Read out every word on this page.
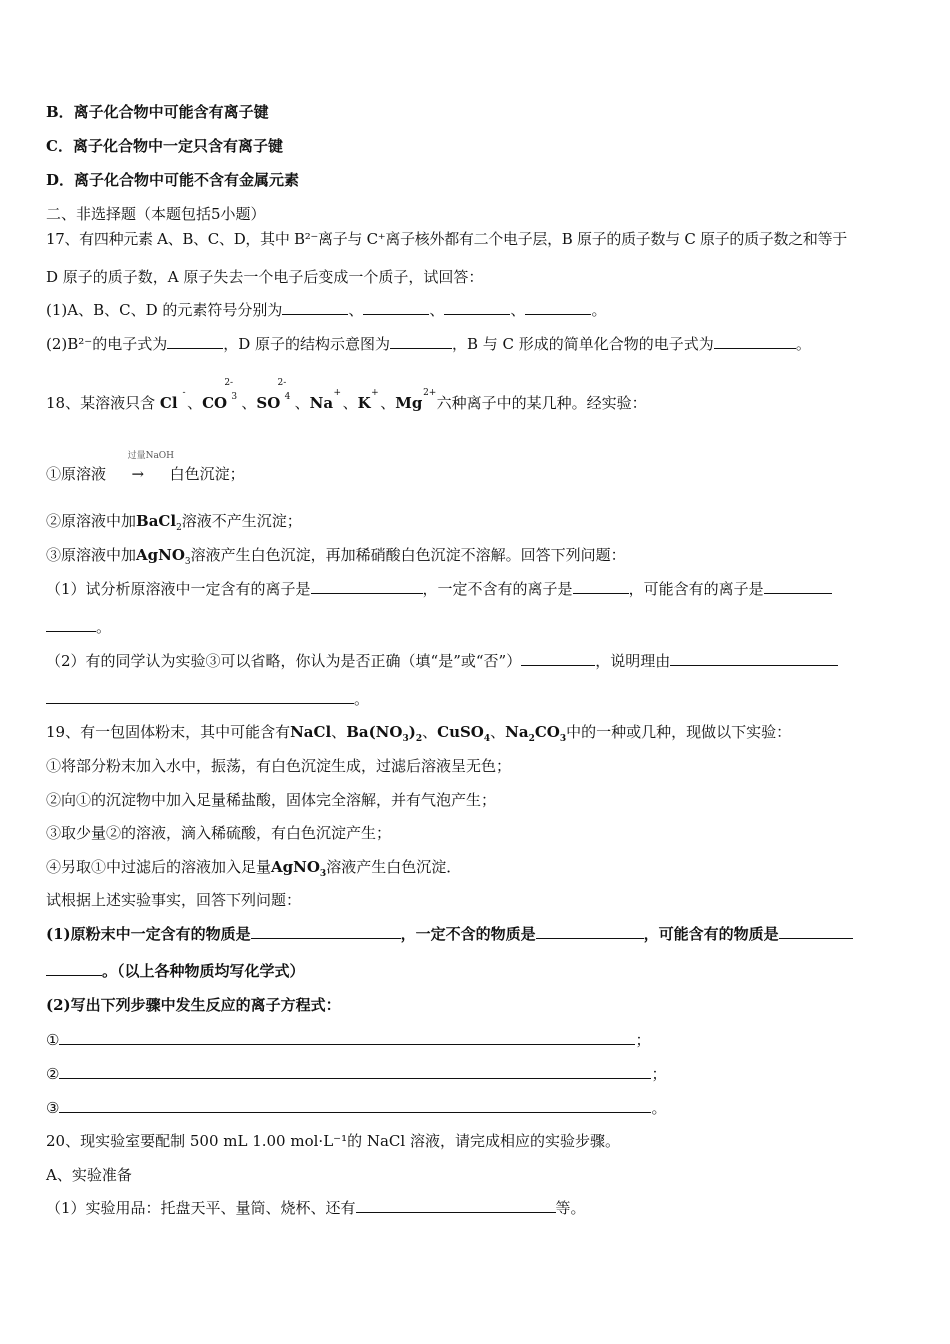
B．离子化合物中可能含有离子键
C．离子化合物中一定只含有离子键
D．离子化合物中可能不含有金属元素
二、非选择题（本题包括5小题）
17、有四种元素 A、B、C、D，其中 B²⁻离子与 C⁺离子核外都有二个电子层，B 原子的质子数与 C 原子的质子数之和等于
D 原子的质子数，A 原子失去一个电子后变成一个质子，试回答：
(1)A、B、C、D 的元素符号分别为	、	、	、	。
(2)B²⁻的电子式为	，D 原子的结构示意图为	，B 与 C 形成的简单化合物的电子式为	。
18、某溶液只含 Cl
-
、CO
2-
3 、SO
2-
4 、Na
+
、K
+
、Mg
2+
六种离子中的某几种。经实验：
①原溶液
过量NaOH
→ 白色沉淀；
②原溶液中加BaCl$_2$溶液不产生沉淀；
③原溶液中加AgNO$_3$溶液产生白色沉淀，再加稀硝酸白色沉淀不溶解。回答下列问题：
（1）试分析原溶液中一定含有的离子是	，一定不含有的离子是	，可能含有的离子是
。
（2）有的同学认为实验③可以省略，你认为是否正确（填“是”或“否”）	，说明理由
。
19、有一包固体粉末，其中可能含有NaCl、$Ba(NO_3)_2$、CuSO$_4$、$Na_2CO_3$中的一种或几种，现做以下实验：
①将部分粉末加入水中，振荡，有白色沉淀生成，过滤后溶液呈无色；
②向①的沉淀物中加入足量稀盐酸，固体完全溶解，并有气泡产生；
③取少量②的溶液，滴入稀硫酸，有白色沉淀产生；
④另取①中过滤后的溶液加入足量AgNO$_3$溶液产生白色沉淀．
试根据上述实验事实，回答下列问题：
(1)原粉末中一定含有的物质是	，一定不含的物质是	，可能含有的物质是
。（以上各种物质均写化学式）
(2)写出下列步骤中发生反应的离子方程式：
①	；
②	；
③	。
20、现实验室要配制 500 mL 1.00 mol·L⁻¹的 NaCl 溶液，请完成相应的实验步骤。
A、实验准备
（1）实验用品：托盘天平、量筒、烧杯、还有	等。
